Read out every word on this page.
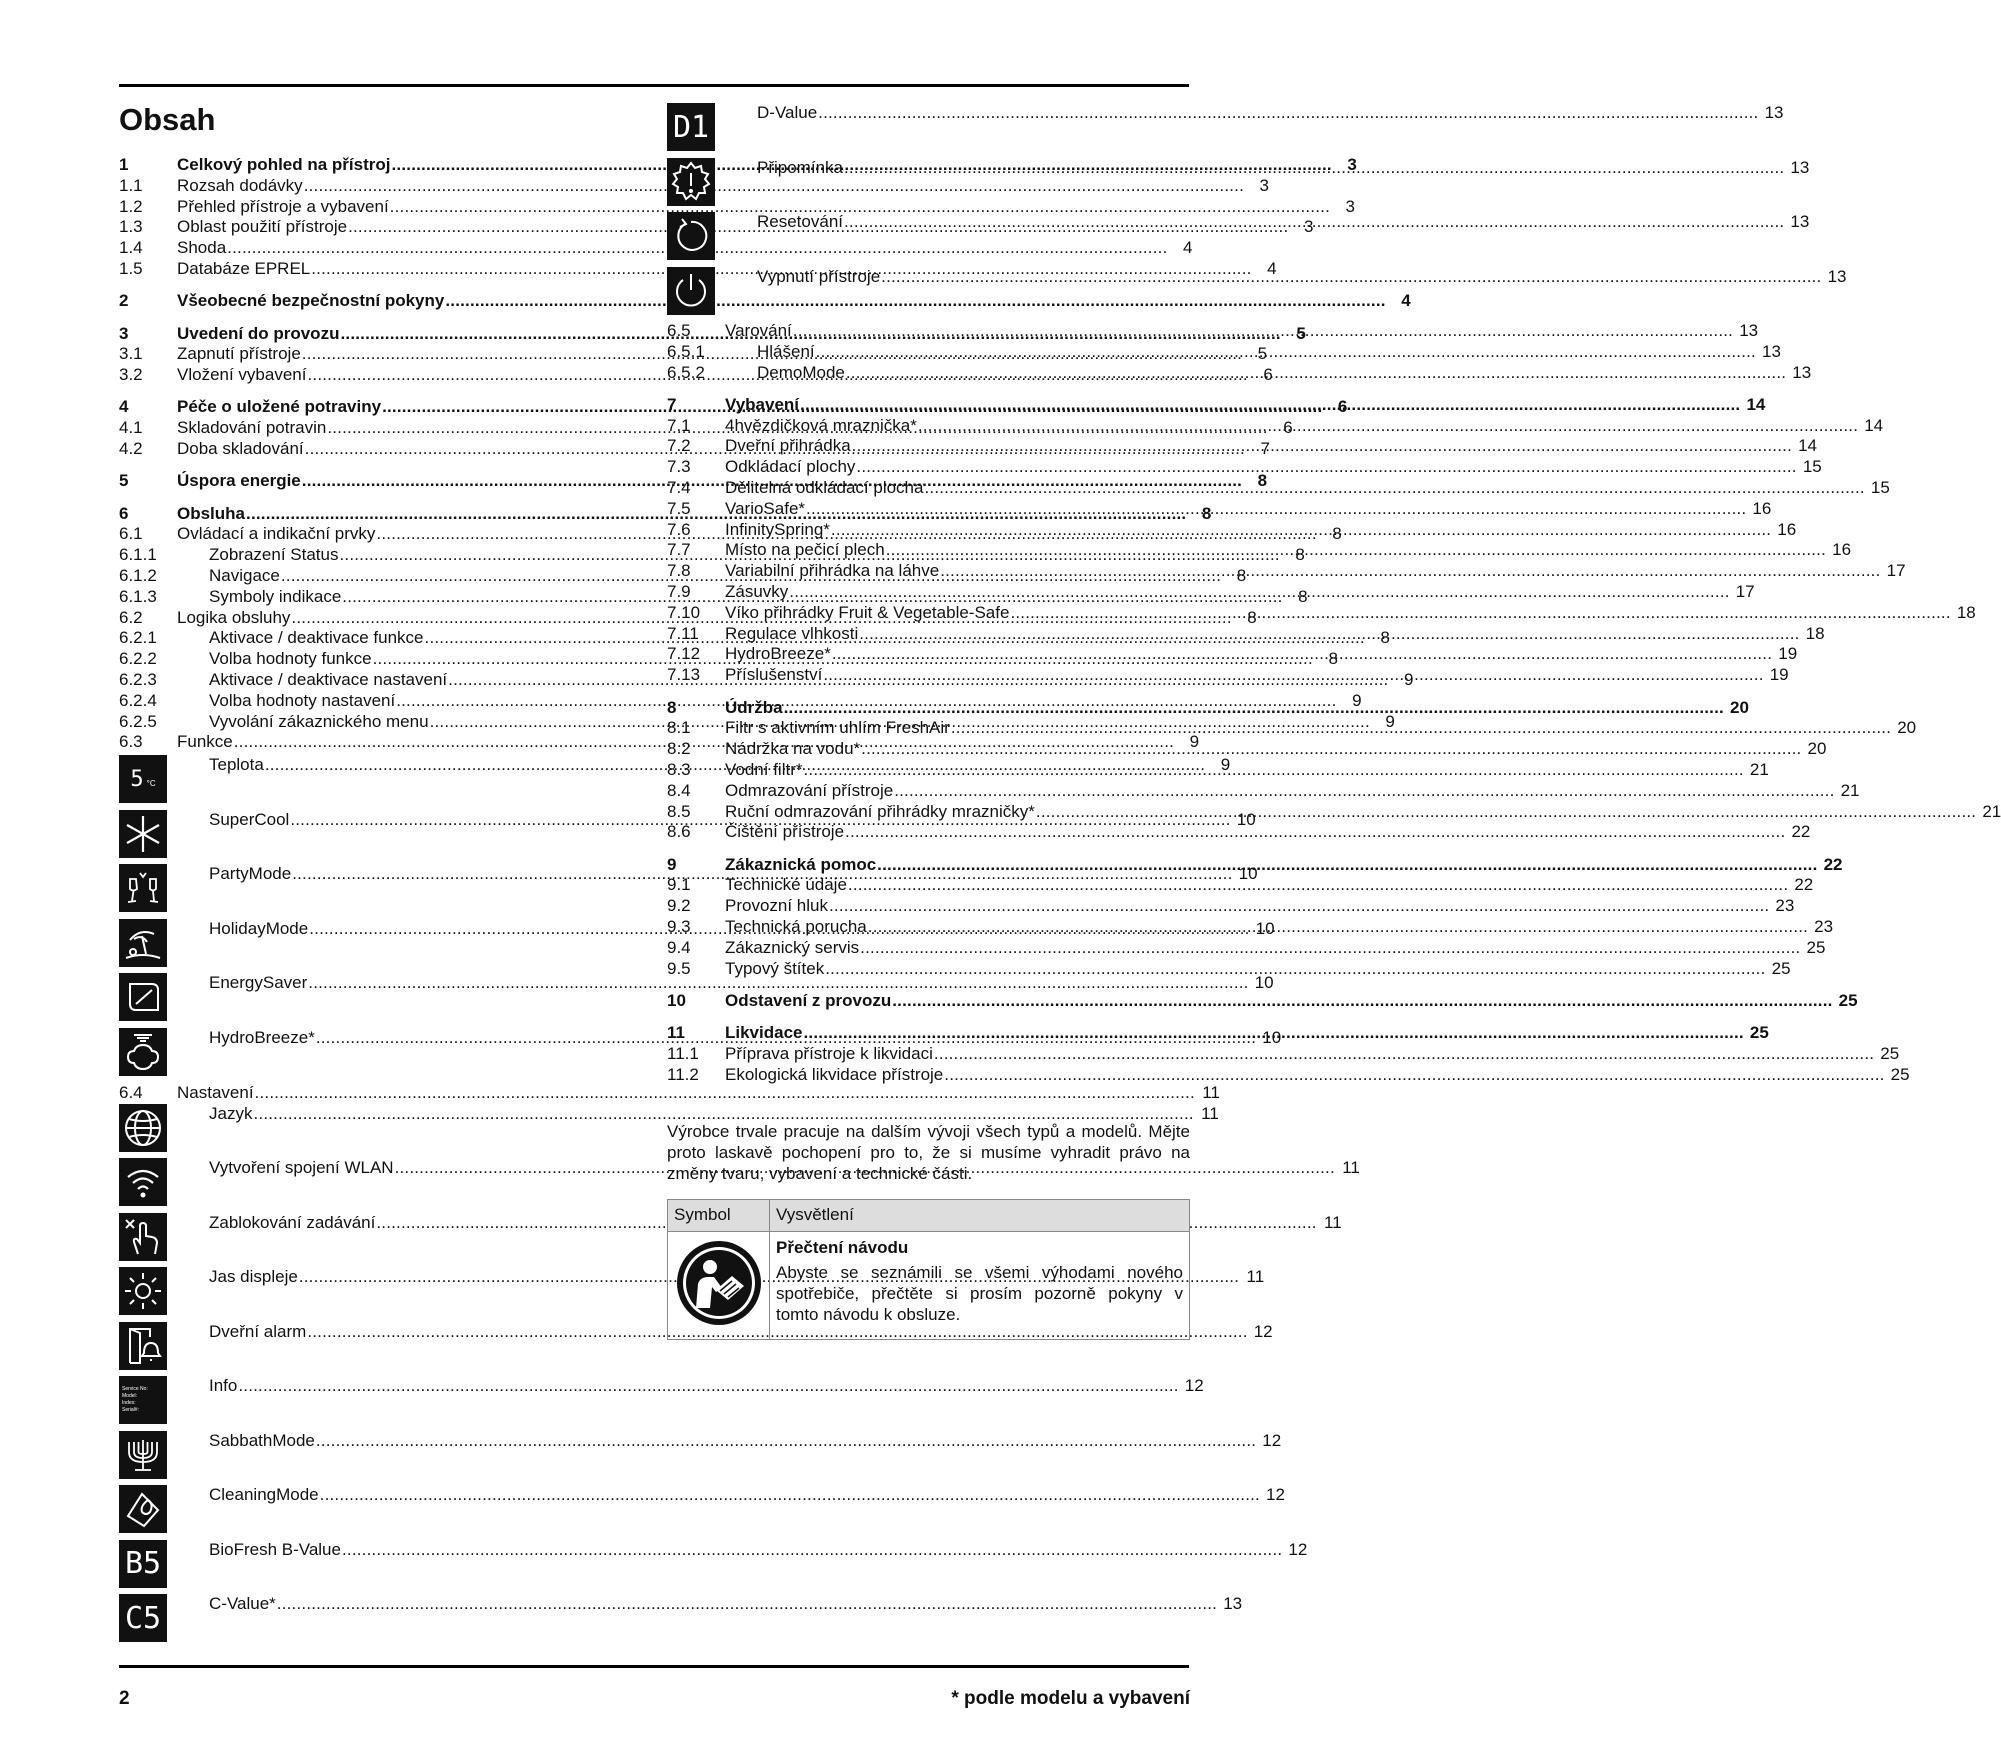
Obsah
1	Celkový pohled na přístroj .....	3
1.1	Rozsah dodávky .....	3
1.2	Přehled přístroje a vybavení .....	3
1.3	Oblast použití přístroje .....	3
1.4	Shoda .....	4
1.5	Databáze EPREL .....	4
2	Všeobecné bezpečnostní pokyny .....	4
3	Uvedení do provozu .....	5
3.1	Zapnutí přístroje .....	5
3.2	Vložení vybavení .....	6
4	Péče o uložené potraviny .....	6
4.1	Skladování potravin .....	6
4.2	Doba skladování .....	7
5	Úspora energie .....	8
6	Obsluha .....	8
6.1	Ovládací a indikační prvky .....	8
6.1.1	Zobrazení Status .....	8
6.1.2	Navigace .....	8
6.1.3	Symboly indikace .....	8
6.2	Logika obsluhy .....	8
6.2.1	Aktivace / deaktivace funkce .....	8
6.2.2	Volba hodnoty funkce .....	8
6.2.3	Aktivace / deaktivace nastavení .....	9
6.2.4	Volba hodnoty nastavení .....	9
6.2.5	Vyvolání zákaznického menu .....	9
6.3	Funkce .....	9
5 °C
Teplota .....	9
SuperCool .....	10
PartyMode .....	10
HolidayMode .....	10
EnergySaver .....	10
HydroBreeze* .....	10
6.4	Nastavení .....	11
Jazyk .....	11
Vytvoření spojení WLAN .....	11
Zablokování zadávání .....	11
Jas displeje .....	11
Dveřní alarm .....	12
Service No:
Model:
Index:
Serial#:
Info .....	12
SabbathMode .....	12
CleaningMode .....	12
B5	BioFresh B-Value .....	12
C5	C-Value* .....	13
D1	D-Value .....	13
Připomínka .....	13
Resetování .....	13
Vypnutí přístroje .....	13
6.5	Varování .....	13
6.5.1	Hlášení .....	13
6.5.2	DemoMode .....	13
7	Vybavení .....	14
7.1	4hvězdičková mraznička* .....	14
7.2	Dveřní přihrádka .....	14
7.3	Odkládací plochy .....	15
7.4	Dělitelná odkládací plocha .....	15
7.5	VarioSafe* .....	16
7.6	InfinitySpring* .....	16
7.7	Místo na pečicí plech .....	16
7.8	Variabilní přihrádka na láhve .....	17
7.9	Zásuvky .....	17
7.10	Víko přihrádky Fruit & Vegetable-Safe .....	18
7.11	Regulace vlhkosti .....	18
7.12	HydroBreeze* .....	19
7.13	Příslušenství .....	19
8	Údržba .....	20
8.1	Filtr s aktivním uhlím FreshAir .....	20
8.2	Nádržka na vodu* .....	20
8.3	Vodní filtr* .....	21
8.4	Odmrazování přístroje .....	21
8.5	Ruční odmrazování přihrádky mrazničky* .....	21
8.6	Čištění přístroje .....	22
9	Zákaznická pomoc .....	22
9.1	Technické údaje .....	22
9.2	Provozní hluk .....	23
9.3	Technická porucha .....	23
9.4	Zákaznický servis .....	25
9.5	Typový štítek .....	25
10	Odstavení z provozu .....	25
11	Likvidace .....	25
11.1	Příprava přístroje k likvidaci .....	25
11.2	Ekologická likvidace přístroje .....	25

Výrobce trvale pracuje na dalším vývoji všech typů a modelů. Mějte proto laskavě pochopení pro to, že si musíme vyhradit právo na změny tvaru, vybavení a technické části.

Symbol	Vysvětlení

Přečtení návodu
Abyste se seznámili se všemi výhodami nového spotřebiče, přečtěte si prosím pozorně pokyny v tomto návodu k obsluze.
2	* podle modelu a vybavení
